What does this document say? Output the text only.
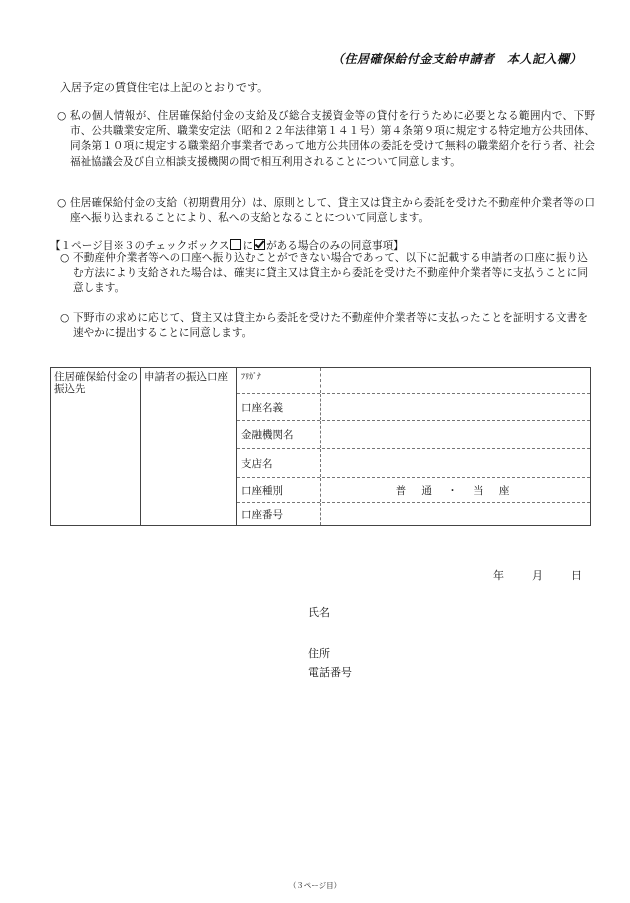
（住居確保給付金支給申請者　本人記入欄）
入居予定の賃貸住宅は上記のとおりです。
○ 私の個人情報が、住居確保給付金の支給及び総合支援資金等の貸付を行うために必要となる範囲内で、下野市、公共職業安定所、職業安定法（昭和２２年法律第１４１号）第４条第９項に規定する特定地方公共団体、同条第１０項に規定する職業紹介事業者であって地方公共団体の委託を受けて無料の職業紹介を行う者、社会福祉協議会及び自立相談支援機関の間で相互利用されることについて同意します。
○ 住居確保給付金の支給（初期費用分）は、原則として、貸主又は貸主から委託を受けた不動産仲介業者等の口座へ振り込まれることにより、私への支給となることについて同意します。
【１ページ目※３のチェックボックス に がある場合のみの同意事項】
○ 不動産仲介業者等への口座へ振り込むことができない場合であって、以下に記載する申請者の口座に振り込む方法により支給された場合は、確実に貸主又は貸主から委託を受けた不動産仲介業者等に支払うことに同意します。
○ 下野市の求めに応じて、貸主又は貸主から委託を受けた不動産仲介業者等に支払ったことを証明する文書を速やかに提出することに同意します。
住居確保給付金の振込先
申請者の振込口座	ﾌﾘｶﾞﾅ
口座名義
金融機関名
支店名
口座種別	普 通 ・ 当 座
口座番号
年	月	日
氏名
住所
電話番号
（３ページ目）
